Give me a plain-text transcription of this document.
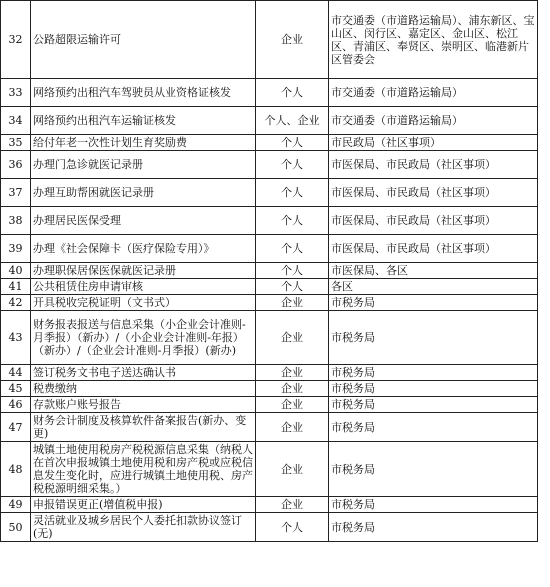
32	公路超限运输许可	企业	市交通委（市道路运输局）、浦东新区、宝山区、闵行区、嘉定区、金山区、松江区、青浦区、奉贤区、崇明区、临港新片区管委会
33	网络预约出租汽车驾驶员从业资格证核发	个人	市交通委（市道路运输局）
34	网络预约出租汽车运输证核发	个人、企业	市交通委（市道路运输局）
35	给付年老一次性计划生育奖励费	个人	市民政局（社区事项）
36	办理门急诊就医记录册	个人	市医保局、市民政局（社区事项）
37	办理互助帮困就医记录册	个人	市医保局、市民政局（社区事项）
38	办理居民医保受理	个人	市医保局、市民政局（社区事项）
39	办理《社会保障卡（医疗保险专用）》	个人	市医保局、市民政局（社区事项）
40	办理职保居保医保就医记录册	个人	市医保局、各区
41	公共租赁住房申请审核	个人	各区
42	开具税收完税证明（文书式）	企业	市税务局
43	财务报表报送与信息采集（小企业会计准则-月季报）（新办）/（小企业会计准则-年报）（新办）/（企业会计准则-月季报）(新办)	企业	市税务局
44	签订税务文书电子送达确认书	企业	市税务局
45	税费缴纳	企业	市税务局
46	存款账户账号报告	企业	市税务局
47	财务会计制度及核算软件备案报告(新办、变更)	企业	市税务局
48	城镇土地使用税房产税税源信息采集（纳税人在首次申报城镇土地使用税和房产税或应税信息发生变化时，应进行城镇土地使用税、房产税税源明细采集。）	企业	市税务局
49	申报错误更正(增值税申报)	企业	市税务局
50	灵活就业及城乡居民个人委托扣款协议签订(无)	个人	市税务局
